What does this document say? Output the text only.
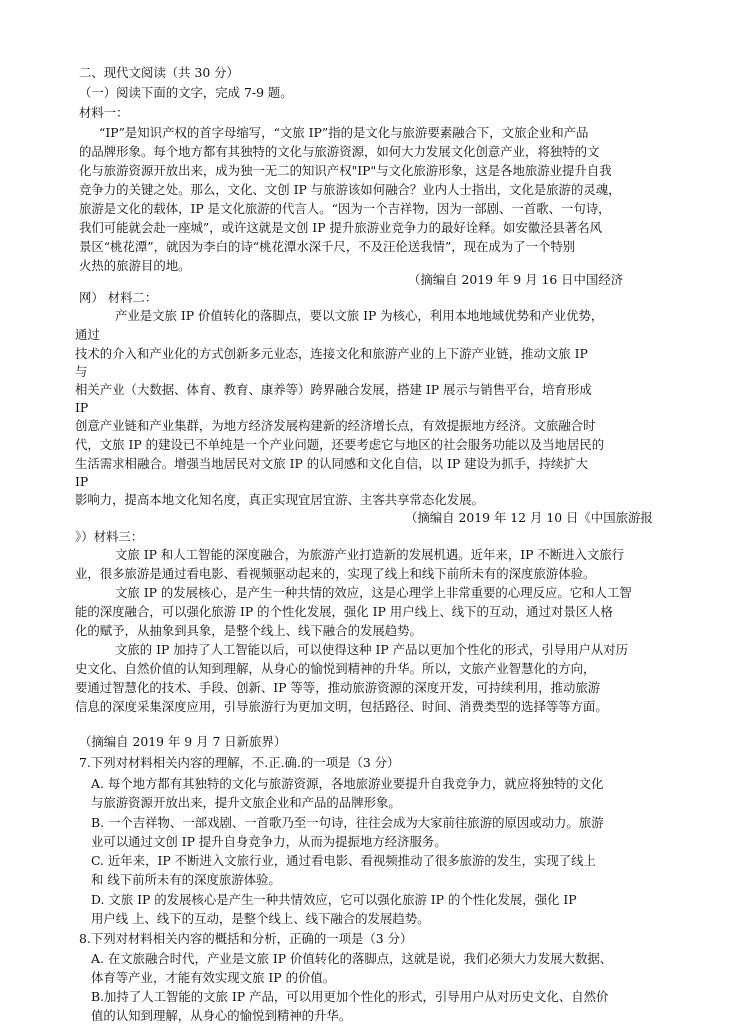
二、现代文阅读（共 30 分）
（一）阅读下面的文字，完成 7-9 题。
材料一：
“IP”是知识产权的首字母缩写，“文旅 IP”指的是文化与旅游要素融合下，文旅企业和产品
的品牌形象。每个地方都有其独特的文化与旅游资源，如何大力发展文化创意产业，将独特的文
化与旅游资源开放出来，成为独一无二的知识产权"IP"与文化旅游形象，这是各地旅游业提升自我
竞争力的关键之处。那么，文化、文创 IP 与旅游该如何融合？业内人士指出，文化是旅游的灵魂，
旅游是文化的载体，IP 是文化旅游的代言人。“因为一个吉祥物，因为一部剧、一首歌、一句诗，
我们可能就会赴一座城”，或许这就是文创 IP 提升旅游业竞争力的最好诠释。如安徽泾县著名风
景区“桃花潭”，就因为李白的诗“桃花潭水深千尺，不及汪伦送我情”，现在成为了一个特别
火热的旅游目的地。
（摘编自 2019 年 9 月 16 日中国经济
网） 材料二：
产业是文旅 IP 价值转化的落脚点，要以文旅 IP 为核心，利用本地地域优势和产业优势，
通过
技术的介入和产业化的方式创新多元业态，连接文化和旅游产业的上下游产业链，推动文旅 IP
与
相关产业（大数据、体育、教育、康养等）跨界融合发展，搭建 IP 展示与销售平台，培育形成
IP
创意产业链和产业集群，为地方经济发展构建新的经济增长点，有效提振地方经济。文旅融合时
代，文旅 IP 的建设已不单纯是一个产业问题，还要考虑它与地区的社会服务功能以及当地居民的
生活需求相融合。增强当地居民对文旅 IP 的认同感和文化自信，以 IP 建设为抓手，持续扩大
IP
影响力，提高本地文化知名度，真正实现宜居宜游、主客共享常态化发展。
（摘编自 2019 年 12 月 10 日《中国旅游报
》）材料三：
文旅 IP 和人工智能的深度融合，为旅游产业打造新的发展机遇。近年来，IP 不断进入文旅行
业，很多旅游是通过看电影、看视频驱动起来的，实现了线上和线下前所未有的深度旅游体验。
文旅 IP 的发展核心，是产生一种共情的效应，这是心理学上非常重要的心理反应。它和人工智
能的深度融合，可以强化旅游 IP 的个性化发展，强化 IP 用户线上、线下的互动，通过对景区人格
化的赋予，从抽象到具象，是整个线上、线下融合的发展趋势。
文旅的 IP 加持了人工智能以后，可以使得这种 IP 产品以更加个性化的形式，引导用户从对历
史文化、自然价值的认知到理解，从身心的愉悦到精神的升华。所以，文旅产业智慧化的方向，
要通过智慧化的技术、手段、创新、IP 等等，推动旅游资源的深度开发，可持续利用，推动旅游
信息的深度采集深度应用，引导旅游行为更加文明，包括路径、时间、消费类型的选择等等方面。
（摘编自 2019 年 9 月 7 日新旅界）
7.下列对材料相关内容的理解，不.正.确.的一项是（3 分）
A. 每个地方都有其独特的文化与旅游资源，各地旅游业要提升自我竞争力，就应将独特的文化
与旅游资源开放出来，提升文旅企业和产品的品牌形象。
B. 一个吉祥物、一部戏剧、一首歌乃至一句诗，往往会成为大家前往旅游的原因或动力。旅游
业可以通过文创 IP 提升自身竞争力，从而为提振地方经济服务。
C. 近年来，IP 不断进入文旅行业，通过看电影、看视频推动了很多旅游的发生，实现了线上
和 线下前所未有的深度旅游体验。
D. 文旅 IP 的发展核心是产生一种共情效应，它可以强化旅游 IP 的个性化发展，强化 IP
用户线 上、线下的互动，是整个线上、线下融合的发展趋势。
8.下列对材料相关内容的概括和分析，正确的一项是（3 分）
A. 在文旅融合时代，产业是文旅 IP 价值转化的落脚点，这就是说，我们必须大力发展大数据、
体育等产业，才能有效实现文旅 IP 的价值。
B.加持了人工智能的文旅 IP 产品，可以用更加个性化的形式，引导用户从对历史文化、自然价
值的认知到理解，从身心的愉悦到精神的升华。
